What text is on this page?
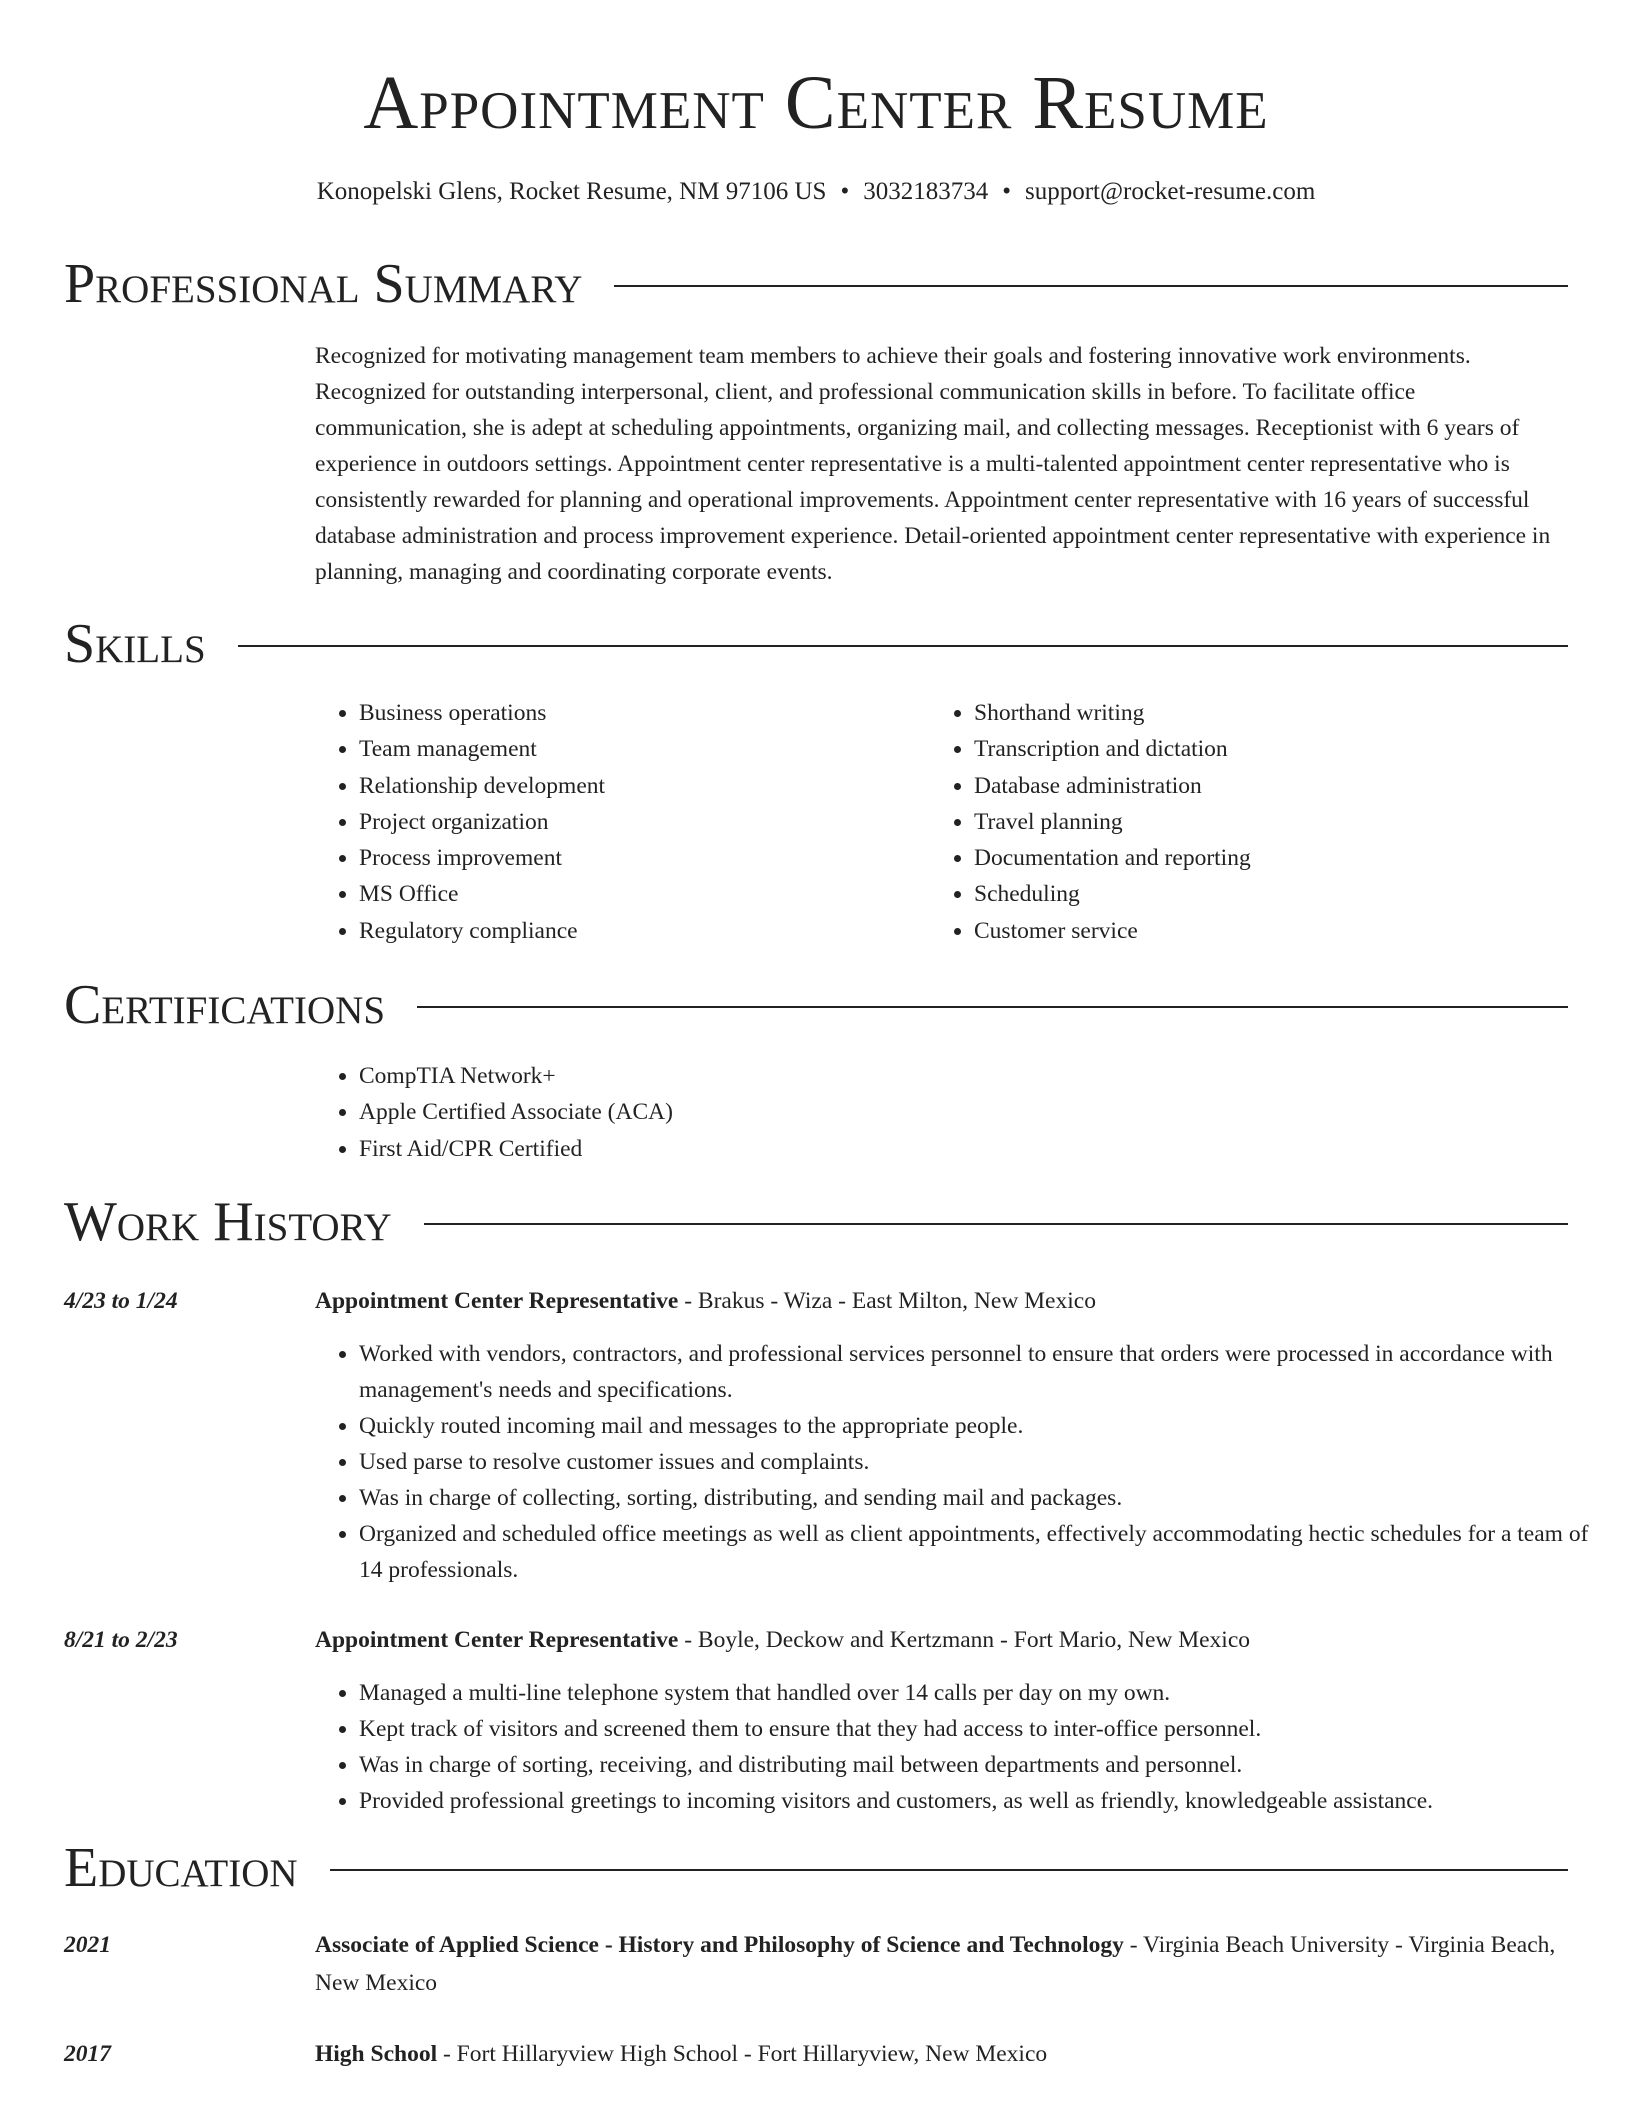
Appointment Center Resume
Konopelski Glens, Rocket Resume, NM 97106 US • 3032183734 • support@rocket-resume.com
Professional Summary

Recognized for motivating management team members to achieve their goals and fostering innovative work environments. Recognized for outstanding interpersonal, client, and professional communication skills in before. To facilitate office communication, she is adept at scheduling appointments, organizing mail, and collecting messages. Receptionist with 6 years of experience in outdoors settings. Appointment center representative is a multi-talented appointment center representative who is consistently rewarded for planning and operational improvements. Appointment center representative with 16 years of successful database administration and process improvement experience. Detail-oriented appointment center representative with experience in planning, managing and coordinating corporate events.

Skills
• Business operations
• Team management
• Relationship development
• Project organization
• Process improvement
• MS Office
• Regulatory compliance
• Shorthand writing
• Transcription and dictation
• Database administration
• Travel planning
• Documentation and reporting
• Scheduling
• Customer service
Certifications
• CompTIA Network+
• Apple Certified Associate (ACA)
• First Aid/CPR Certified
Work History
4/23 to 1/24	Appointment Center Representative - Brakus - Wiza - East Milton, New Mexico
• Worked with vendors, contractors, and professional services personnel to ensure that orders were processed in accordance with management's needs and specifications.
• Quickly routed incoming mail and messages to the appropriate people.
• Used parse to resolve customer issues and complaints.
• Was in charge of collecting, sorting, distributing, and sending mail and packages.
• Organized and scheduled office meetings as well as client appointments, effectively accommodating hectic schedules for a team of 14 professionals.
8/21 to 2/23	Appointment Center Representative - Boyle, Deckow and Kertzmann - Fort Mario, New Mexico
• Managed a multi-line telephone system that handled over 14 calls per day on my own.
• Kept track of visitors and screened them to ensure that they had access to inter-office personnel.
• Was in charge of sorting, receiving, and distributing mail between departments and personnel.
• Provided professional greetings to incoming visitors and customers, as well as friendly, knowledgeable assistance.
Education
2021	Associate of Applied Science - History and Philosophy of Science and Technology - Virginia Beach University - Virginia Beach, New Mexico
2017	High School - Fort Hillaryview High School - Fort Hillaryview, New Mexico
